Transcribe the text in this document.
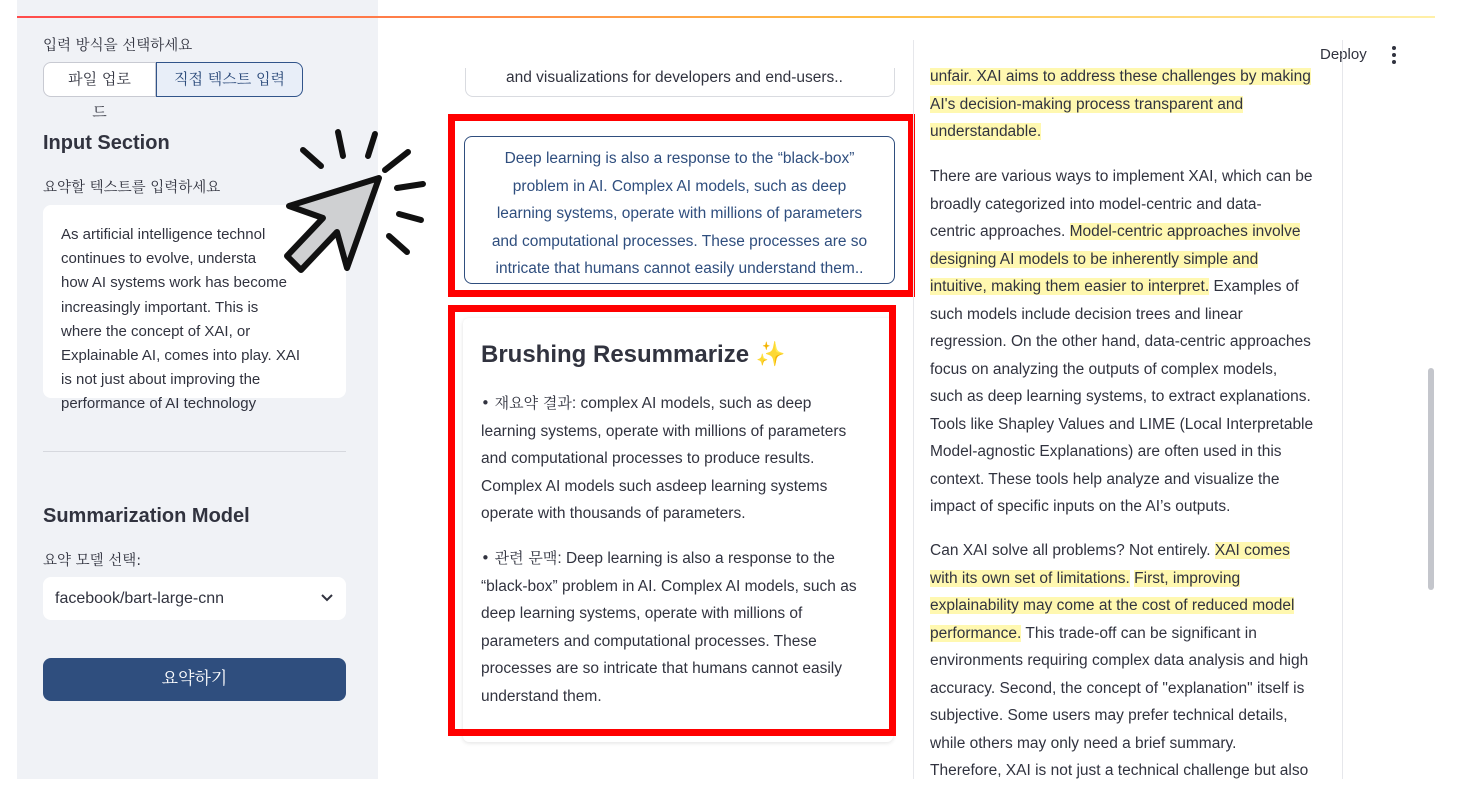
입력 방식을 선택하세요
파일 업로드
직접 텍스트 입력
Input Section
요약할 텍스트를 입력하세요
As artificial intelligence technol
continues to evolve, understa
how AI systems work has become
increasingly important. This is
where the concept of XAI, or
Explainable AI, comes into play. XAI
is not just about improving the
performance of AI technology
Summarization Model
요약 모델 선택:
facebook/bart-large-cnn
요약하기
Deploy
and visualizations for developers and end-users..
Deep learning is also a response to the “black-box”
problem in AI. Complex AI models, such as deep
learning systems, operate with millions of parameters
and computational processes. These processes are so
intricate that humans cannot easily understand them..
Brushing Resummarize ✨
• 재요약 결과: complex AI models, such as deep
learning systems, operate with millions of parameters
and computational processes to produce results.
Complex AI models such asdeep learning systems
operate with thousands of parameters.
• 관련 문맥: Deep learning is also a response to the
“black-box” problem in AI. Complex AI models, such as
deep learning systems, operate with millions of
parameters and computational processes. These
processes are so intricate that humans cannot easily
understand them.
unfair. XAI aims to address these challenges by making
AI's decision-making process transparent and
understandable.
There are various ways to implement XAI, which can be
broadly categorized into model-centric and data-
centric approaches. Model-centric approaches involve
designing AI models to be inherently simple and
intuitive, making them easier to interpret. Examples of
such models include decision trees and linear
regression. On the other hand, data-centric approaches
focus on analyzing the outputs of complex models,
such as deep learning systems, to extract explanations.
Tools like Shapley Values and LIME (Local Interpretable
Model-agnostic Explanations) are often used in this
context. These tools help analyze and visualize the
impact of specific inputs on the AI’s outputs.
Can XAI solve all problems? Not entirely. XAI comes
with its own set of limitations. First, improving
explainability may come at the cost of reduced model
performance. This trade-off can be significant in
environments requiring complex data analysis and high
accuracy. Second, the concept of "explanation" itself is
subjective. Some users may prefer technical details,
while others may only need a brief summary.
Therefore, XAI is not just a technical challenge but also
